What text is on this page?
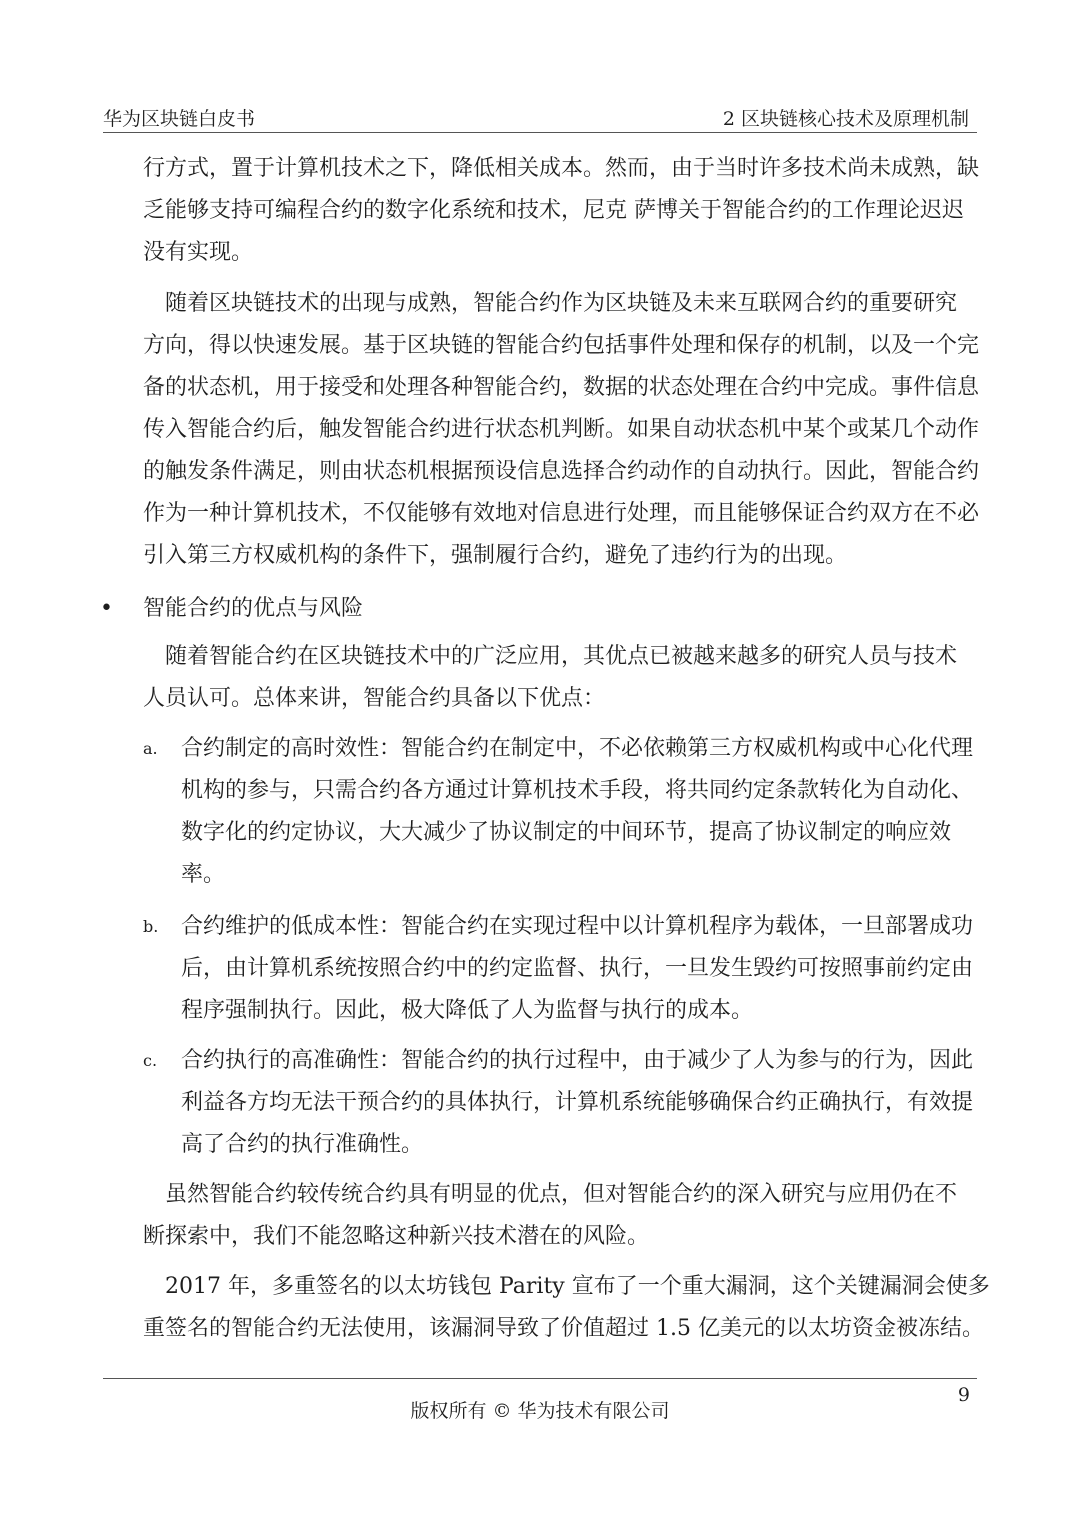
华为区块链白皮书	2 区块链核心技术及原理机制

行方式，置于计算机技术之下，降低相关成本。然而，由于当时许多技术尚未成熟，缺

乏能够支持可编程合约的数字化系统和技术，尼克 萨博关于智能合约的工作理论迟迟

没有实现。

　随着区块链技术的出现与成熟，智能合约作为区块链及未来互联网合约的重要研究

方向，得以快速发展。基于区块链的智能合约包括事件处理和保存的机制，以及一个完

备的状态机，用于接受和处理各种智能合约，数据的状态处理在合约中完成。事件信息

传入智能合约后，触发智能合约进行状态机判断。如果自动状态机中某个或某几个动作

的触发条件满足，则由状态机根据预设信息选择合约动作的自动执行。因此，智能合约

作为一种计算机技术，不仅能够有效地对信息进行处理，而且能够保证合约双方在不必

引入第三方权威机构的条件下，强制履行合约，避免了违约行为的出现。

• 智能合约的优点与风险

　随着智能合约在区块链技术中的广泛应用，其优点已被越来越多的研究人员与技术

人员认可。总体来讲，智能合约具备以下优点：

a. 合约制定的高时效性：智能合约在制定中，不必依赖第三方权威机构或中心化代理
机构的参与，只需合约各方通过计算机技术手段，将共同约定条款转化为自动化、
数字化的约定协议，大大减少了协议制定的中间环节，提高了协议制定的响应效
率。
b. 合约维护的低成本性：智能合约在实现过程中以计算机程序为载体，一旦部署成功
后，由计算机系统按照合约中的约定监督、执行，一旦发生毁约可按照事前约定由
程序强制执行。因此，极大降低了人为监督与执行的成本。
c. 合约执行的高准确性：智能合约的执行过程中，由于减少了人为参与的行为，因此
利益各方均无法干预合约的具体执行，计算机系统能够确保合约正确执行，有效提
高了合约的执行准确性。

　虽然智能合约较传统合约具有明显的优点，但对智能合约的深入研究与应用仍在不

断探索中，我们不能忽略这种新兴技术潜在的风险。

　2017 年，多重签名的以太坊钱包 Parity 宣布了一个重大漏洞，这个关键漏洞会使多

重签名的智能合约无法使用，该漏洞导致了价值超过 1.5 亿美元的以太坊资金被冻结。

9
版权所有 © 华为技术有限公司
